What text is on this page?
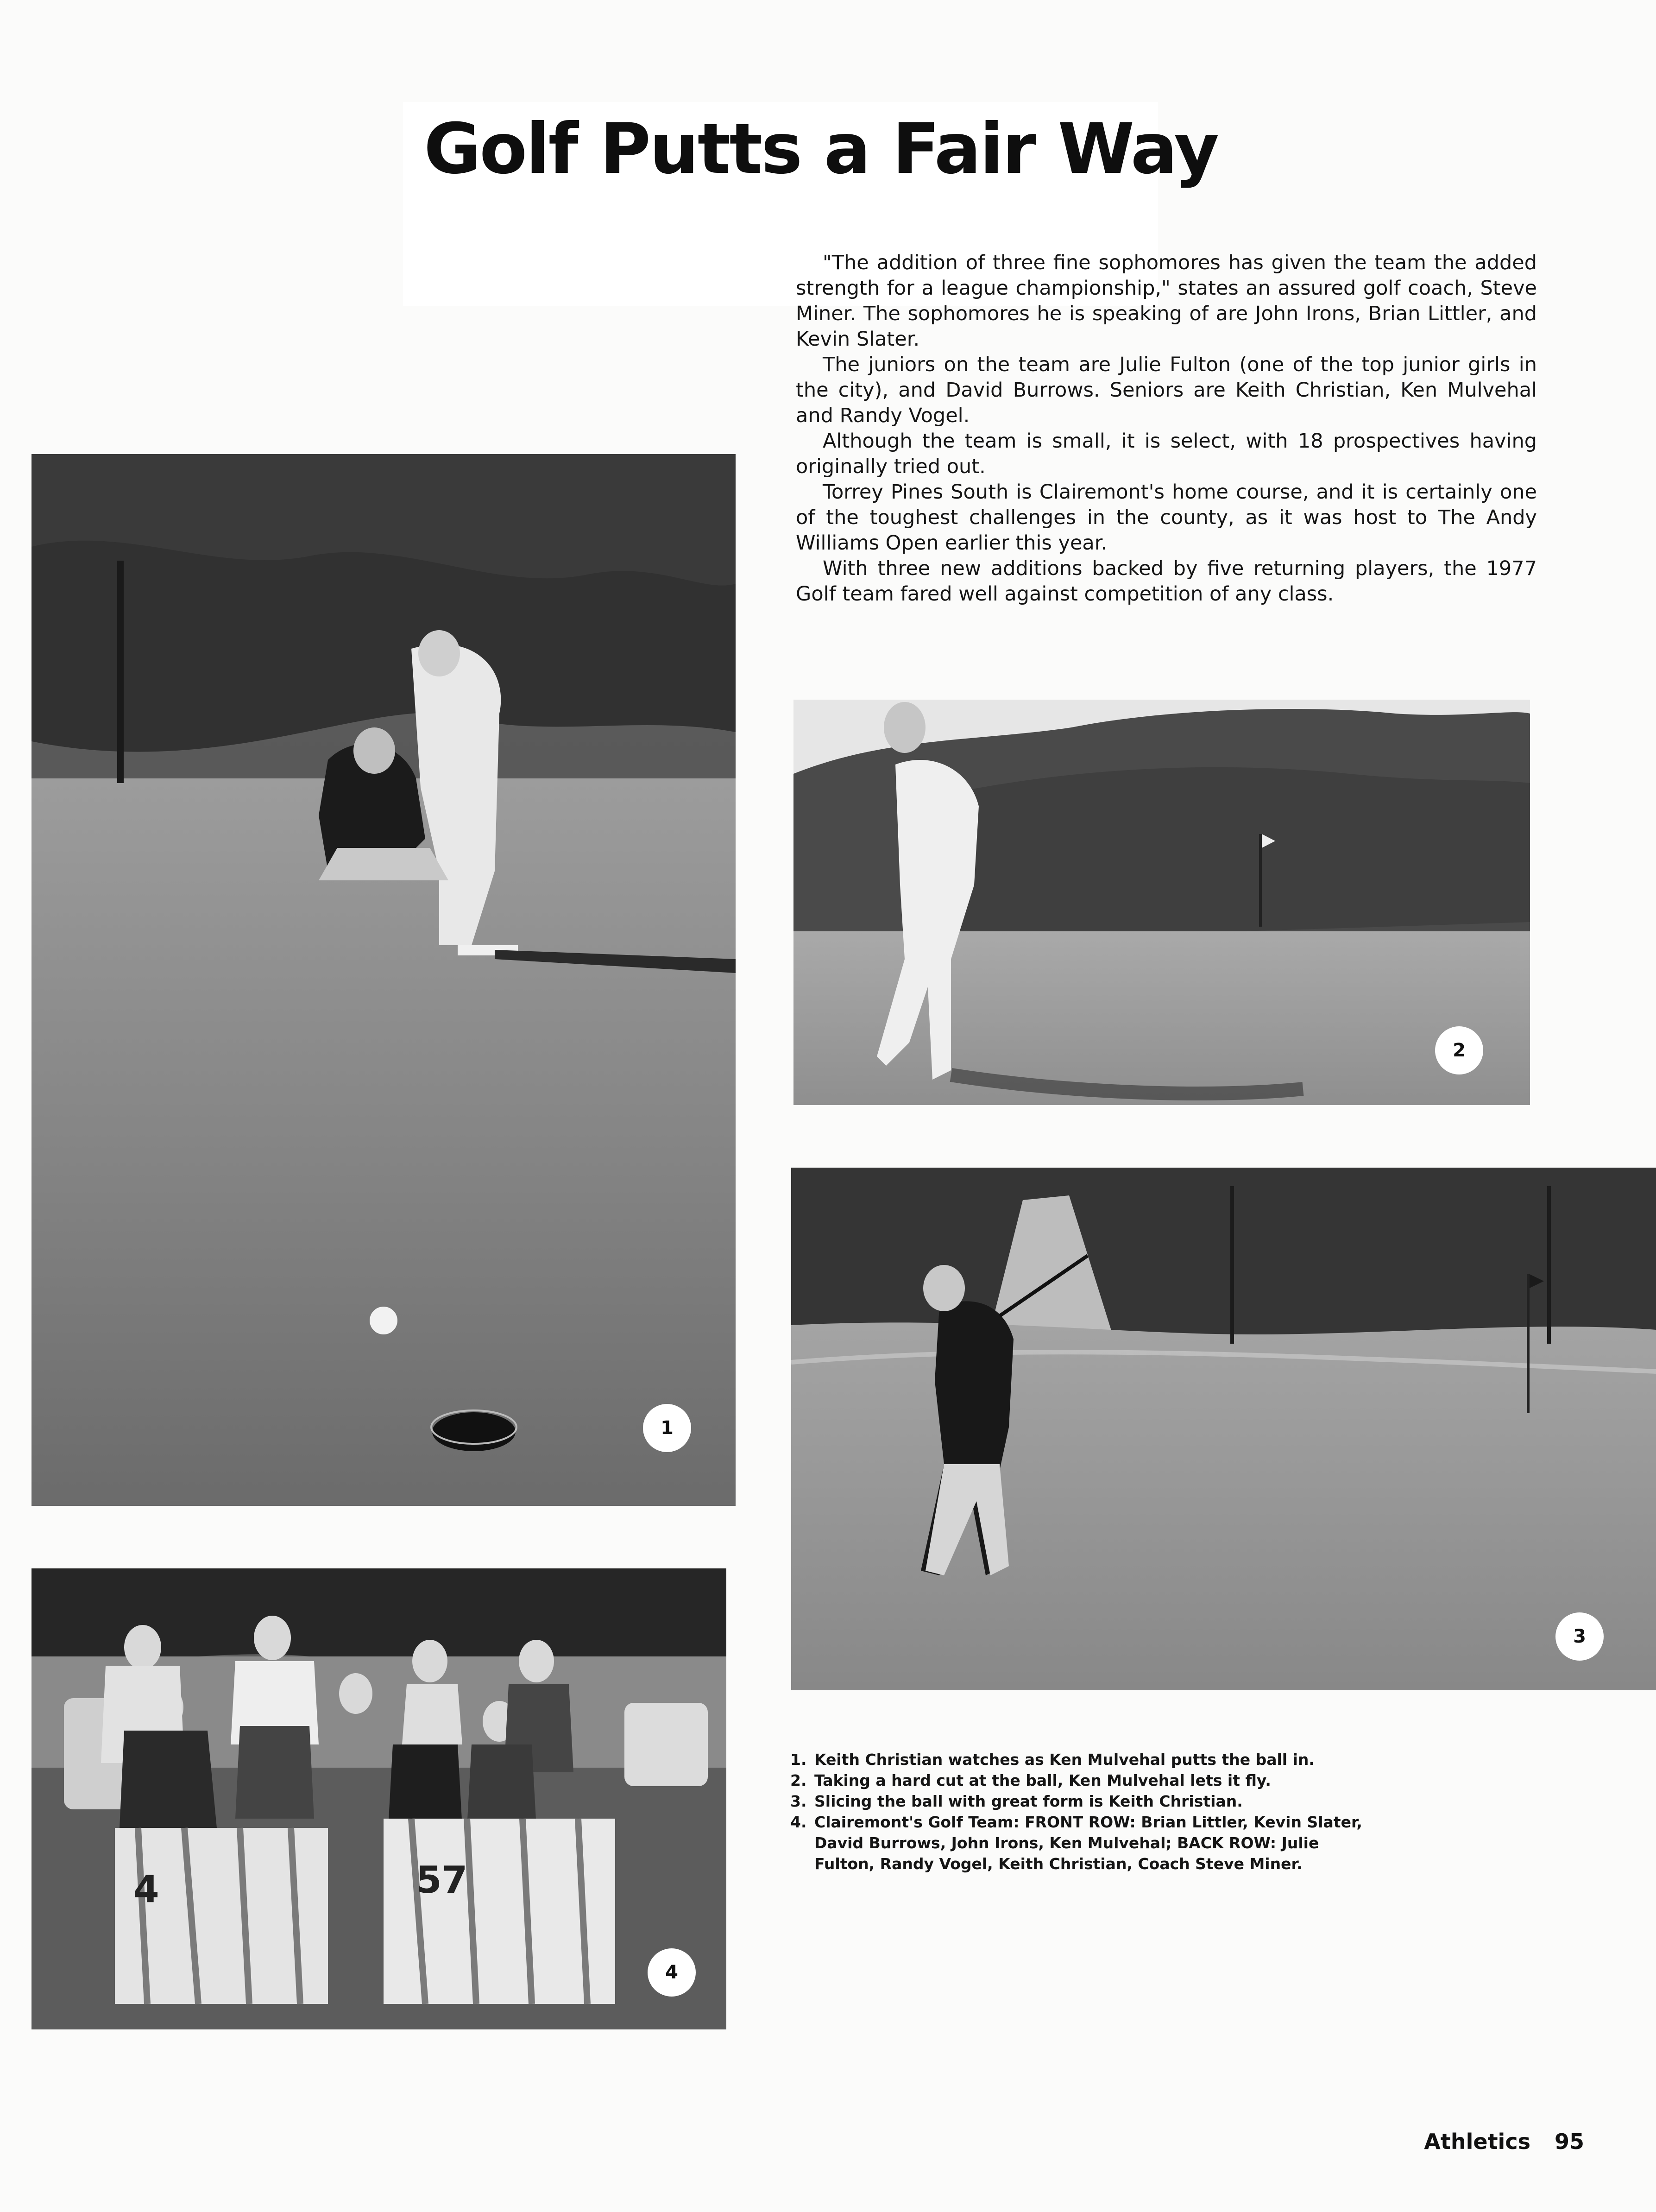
Golf Putts a Fair Way

"The addition of three fine sophomores has given the team the added strength for a league championship," states an assured golf coach, Steve Miner. The sophomores he is speaking of are John Irons, Brian Littler, and Kevin Slater.

The juniors on the team are Julie Fulton (one of the top junior girls in the city), and David Burrows. Seniors are Keith Christian, Ken Mulvehal and Randy Vogel.

Although the team is small, it is select, with 18 prospectives having originally tried out.

Torrey Pines South is Clairemont's home course, and it is certainly one of the toughest challenges in the county, as it was host to The Andy Williams Open earlier this year.

With three new additions backed by five returning players, the 1977 Golf team fared well against competition of any class.

1
2
3
4	57
4
1. Keith Christian watches as Ken Mulvehal putts the ball in.
2. Taking a hard cut at the ball, Ken Mulvehal lets it fly.
3. Slicing the ball with great form is Keith Christian.
4. Clairemont's Golf Team: FRONT ROW: Brian Littler, Kevin Slater, David Burrows, John Irons, Ken Mulvehal; BACK ROW: Julie Fulton, Randy Vogel, Keith Christian, Coach Steve Miner.
Athletics 95
